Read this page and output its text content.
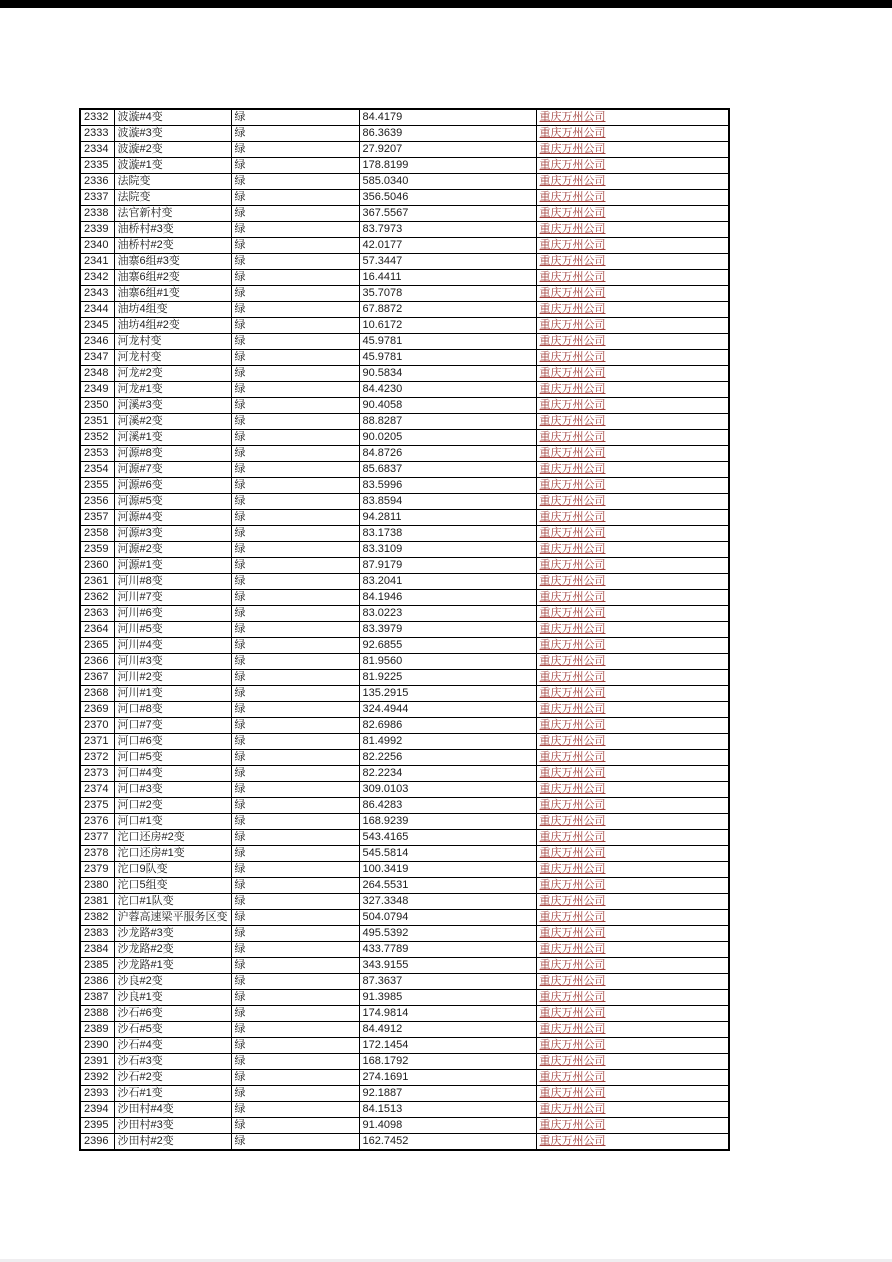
2332	波漩#4变	绿	84.4179	重庆万州公司
2333	波漩#3变	绿	86.3639	重庆万州公司
2334	波漩#2变	绿	27.9207	重庆万州公司
2335	波漩#1变	绿	178.8199	重庆万州公司
2336	法院变	绿	585.0340	重庆万州公司
2337	法院变	绿	356.5046	重庆万州公司
2338	法官新村变	绿	367.5567	重庆万州公司
2339	油桥村#3变	绿	83.7973	重庆万州公司
2340	油桥村#2变	绿	42.0177	重庆万州公司
2341	油寨6组#3变	绿	57.3447	重庆万州公司
2342	油寨6组#2变	绿	16.4411	重庆万州公司
2343	油寨6组#1变	绿	35.7078	重庆万州公司
2344	油坊4组变	绿	67.8872	重庆万州公司
2345	油坊4组#2变	绿	10.6172	重庆万州公司
2346	河龙村变	绿	45.9781	重庆万州公司
2347	河龙村变	绿	45.9781	重庆万州公司
2348	河龙#2变	绿	90.5834	重庆万州公司
2349	河龙#1变	绿	84.4230	重庆万州公司
2350	河溪#3变	绿	90.4058	重庆万州公司
2351	河溪#2变	绿	88.8287	重庆万州公司
2352	河溪#1变	绿	90.0205	重庆万州公司
2353	河源#8变	绿	84.8726	重庆万州公司
2354	河源#7变	绿	85.6837	重庆万州公司
2355	河源#6变	绿	83.5996	重庆万州公司
2356	河源#5变	绿	83.8594	重庆万州公司
2357	河源#4变	绿	94.2811	重庆万州公司
2358	河源#3变	绿	83.1738	重庆万州公司
2359	河源#2变	绿	83.3109	重庆万州公司
2360	河源#1变	绿	87.9179	重庆万州公司
2361	河川#8变	绿	83.2041	重庆万州公司
2362	河川#7变	绿	84.1946	重庆万州公司
2363	河川#6变	绿	83.0223	重庆万州公司
2364	河川#5变	绿	83.3979	重庆万州公司
2365	河川#4变	绿	92.6855	重庆万州公司
2366	河川#3变	绿	81.9560	重庆万州公司
2367	河川#2变	绿	81.9225	重庆万州公司
2368	河川#1变	绿	135.2915	重庆万州公司
2369	河口#8变	绿	324.4944	重庆万州公司
2370	河口#7变	绿	82.6986	重庆万州公司
2371	河口#6变	绿	81.4992	重庆万州公司
2372	河口#5变	绿	82.2256	重庆万州公司
2373	河口#4变	绿	82.2234	重庆万州公司
2374	河口#3变	绿	309.0103	重庆万州公司
2375	河口#2变	绿	86.4283	重庆万州公司
2376	河口#1变	绿	168.9239	重庆万州公司
2377	沱口还房#2变	绿	543.4165	重庆万州公司
2378	沱口还房#1变	绿	545.5814	重庆万州公司
2379	沱口9队变	绿	100.3419	重庆万州公司
2380	沱口5组变	绿	264.5531	重庆万州公司
2381	沱口#1队变	绿	327.3348	重庆万州公司
2382	沪蓉高速梁平服务区变	绿	504.0794	重庆万州公司
2383	沙龙路#3变	绿	495.5392	重庆万州公司
2384	沙龙路#2变	绿	433.7789	重庆万州公司
2385	沙龙路#1变	绿	343.9155	重庆万州公司
2386	沙良#2变	绿	87.3637	重庆万州公司
2387	沙良#1变	绿	91.3985	重庆万州公司
2388	沙石#6变	绿	174.9814	重庆万州公司
2389	沙石#5变	绿	84.4912	重庆万州公司
2390	沙石#4变	绿	172.1454	重庆万州公司
2391	沙石#3变	绿	168.1792	重庆万州公司
2392	沙石#2变	绿	274.1691	重庆万州公司
2393	沙石#1变	绿	92.1887	重庆万州公司
2394	沙田村#4变	绿	84.1513	重庆万州公司
2395	沙田村#3变	绿	91.4098	重庆万州公司
2396	沙田村#2变	绿	162.7452	重庆万州公司
